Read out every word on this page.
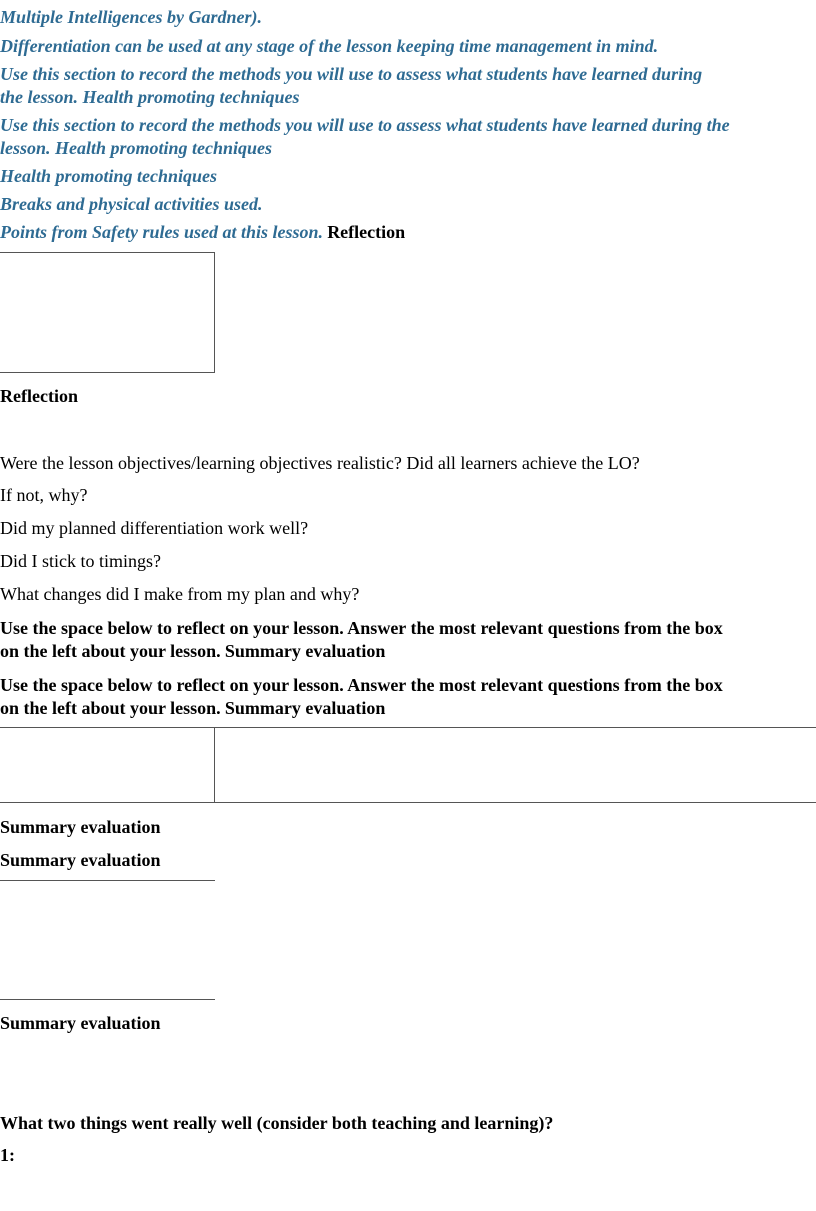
Multiple Intelligences by Gardner).
Differentiation can be used at any stage of the lesson keeping time management in mind.
Use this section to record the methods you will use to assess what students have learned during
the lesson. Health promoting techniques
Use this section to record the methods you will use to assess what students have learned during the
lesson. Health promoting techniques
Health promoting techniques
Breaks and physical activities used.
Points from Safety rules used at this lesson. Reflection
Reflection
Were the lesson objectives/learning objectives realistic? Did all learners achieve the LO?
If not, why?
Did my planned differentiation work well?
Did I stick to timings?
What changes did I make from my plan and why?
Use the space below to reflect on your lesson. Answer the most relevant questions from the box
on the left about your lesson. Summary evaluation
Use the space below to reflect on your lesson. Answer the most relevant questions from the box
on the left about your lesson. Summary evaluation
Summary evaluation
Summary evaluation
Summary evaluation
What two things went really well (consider both teaching and learning)?
1:
